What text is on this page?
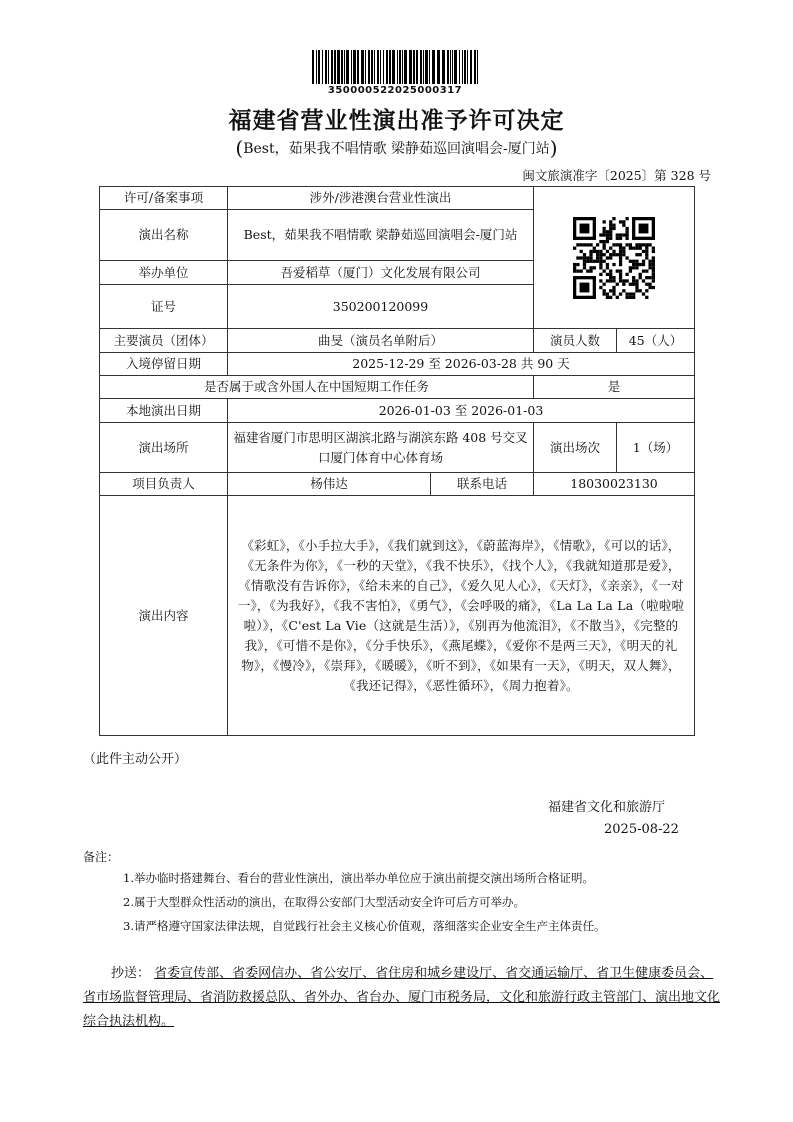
350000522025000317
福建省营业性演出准予许可决定
(Best，茹果我不唱情歌 梁静茹巡回演唱会-厦门站)
闽文旅演准字〔2025〕第 328 号
许可/备案事项	涉外/涉港澳台营业性演出	

演出名称	Best，茹果我不唱情歌 梁静茹巡回演唱会-厦门站			
举办单位	吾爱稻草（厦门）文化发展有限公司			
证号	350200120099			
主要演员（团体）	曲旻（演员名单附后）		演员人数	45（人）
入境停留日期	2025-12-29 至 2026-03-28 共 90 天			
是否属于或含外国人在中国短期工作任务			是	
本地演出日期	2026-01-03 至 2026-01-03			
演出场所	福建省厦门市思明区湖滨北路与湖滨东路 408 号交叉口厦门体育中心体育场		演出场次	1（场）
项目负责人	杨伟达	联系电话	18030023130	
演出内容	《彩虹》，《小手拉大手》，《我们就到这》，《蔚蓝海岸》，《情歌》，《可以的话》，《无条件为你》，《一秒的天堂》，《我不快乐》，《找个人》，《我就知道那是爱》，《情歌没有告诉你》，《给未来的自己》，《爱久见人心》，《天灯》，《亲亲》，《一对一》，《为我好》，《我不害怕》，《勇气》，《会呼吸的痛》，《La La La La（啦啦啦啦）》，《C'est La Vie（这就是生活）》，《别再为他流泪》，《不散当》，《完整的我》，《可惜不是你》，《分手快乐》，《燕尾蝶》，《爱你不是两三天》，《明天的礼物》，《慢冷》，《崇拜》，《暖暖》，《听不到》，《如果有一天》，《明天，双人舞》，《我还记得》，《恶性循环》，《周力抱着》。			
（此件主动公开）
福建省文化和旅游厅
2025-08-22
备注：
1.举办临时搭建舞台、看台的营业性演出，演出举办单位应于演出前提交演出场所合格证明。
2.属于大型群众性活动的演出，在取得公安部门大型活动安全许可后方可举办。
3.请严格遵守国家法律法规，自觉践行社会主义核心价值观，落细落实企业安全生产主体责任。
抄送： 省委宣传部、省委网信办、省公安厅、省住房和城乡建设厅、省交通运输厅、省卫生健康委员会、省市场监督管理局、省消防救援总队、省外办、省台办、厦门市税务局，文化和旅游行政主管部门、演出地文化综合执法机构。
